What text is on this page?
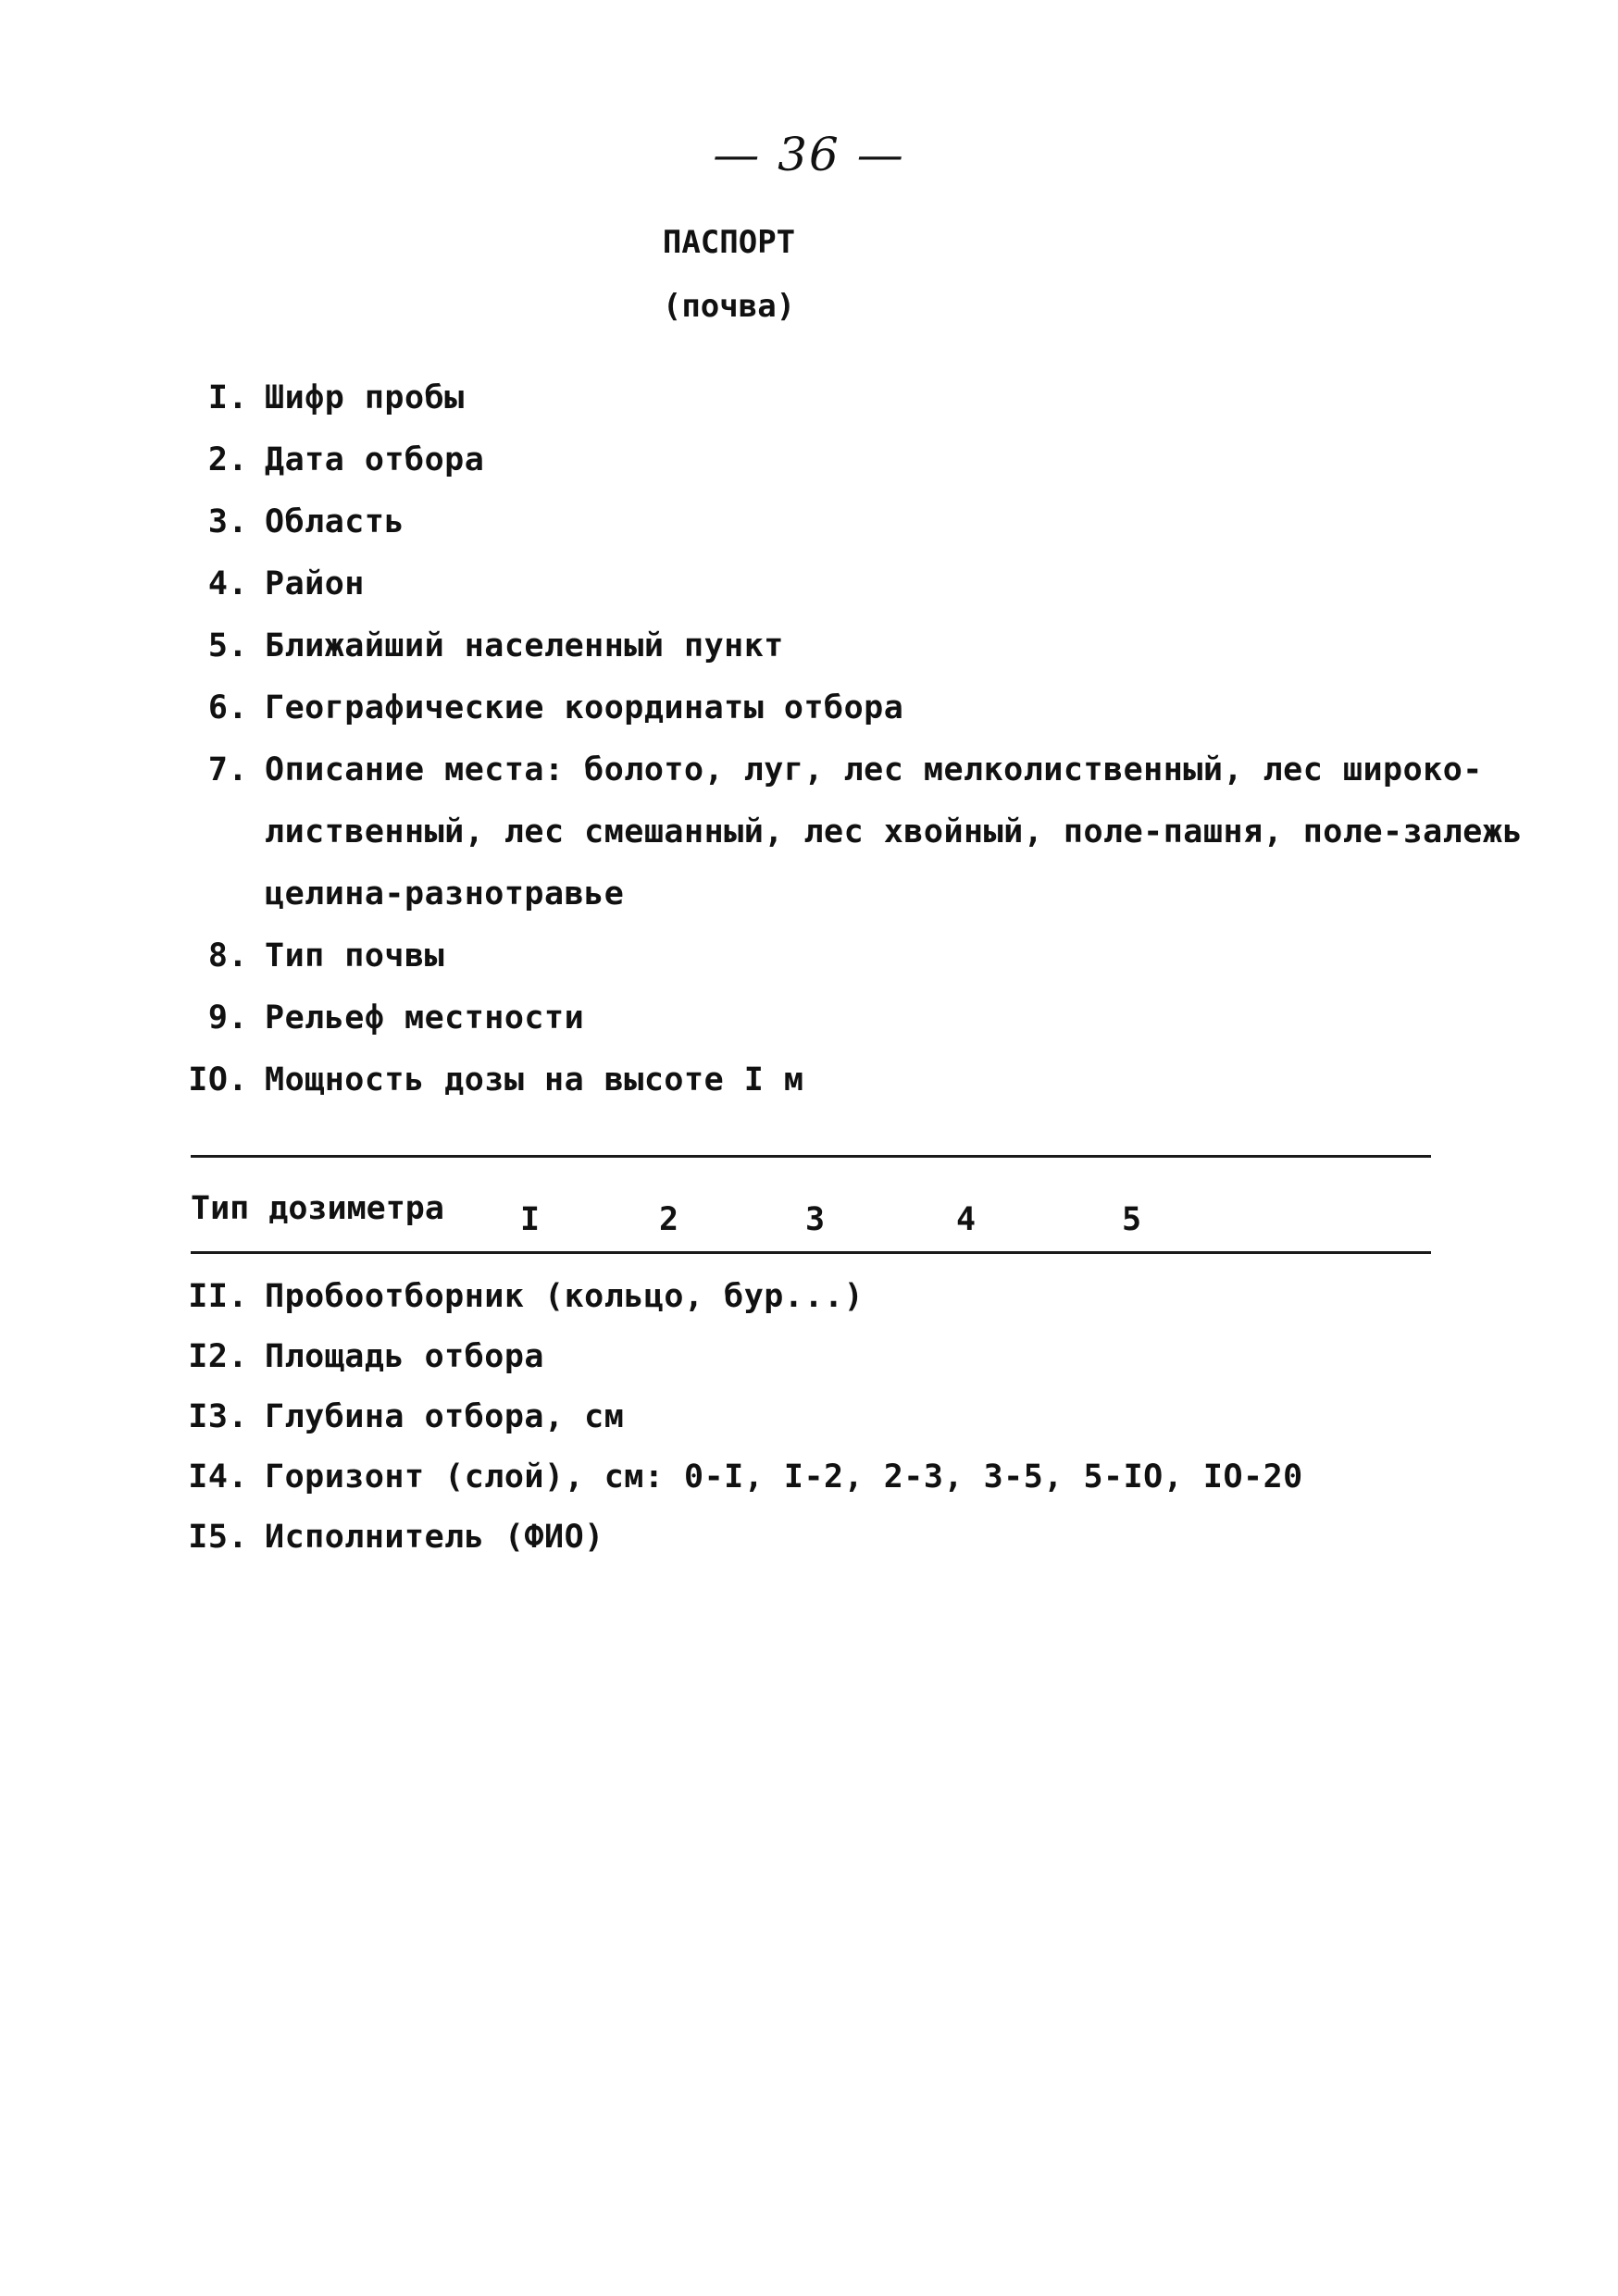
— 36 —
ПАСПОРТ
(почва)
I. Шифр пробы
2. Дата отбора
3. Область
4. Район
5. Ближайший населенный пункт
6. Географические координаты отбора
7. Описание места: болото, луг, лес мелколиственный, лес широко-
лиственный, лес смешанный, лес хвойный, поле-пашня, поле-залежь
целина-разнотравье
8. Тип почвы
9. Рельеф местности
IO. Мощность дозы на высоте I м
Тип дозиметра I	2	3	4	5
II. Пробоотборник (кольцо, бур...)
I2. Площадь отбора
I3. Глубина отбора, см
I4. Горизонт (слой), см: 0-I, I-2, 2-3, 3-5, 5-IO, IO-20
I5. Исполнитель (ФИО)
